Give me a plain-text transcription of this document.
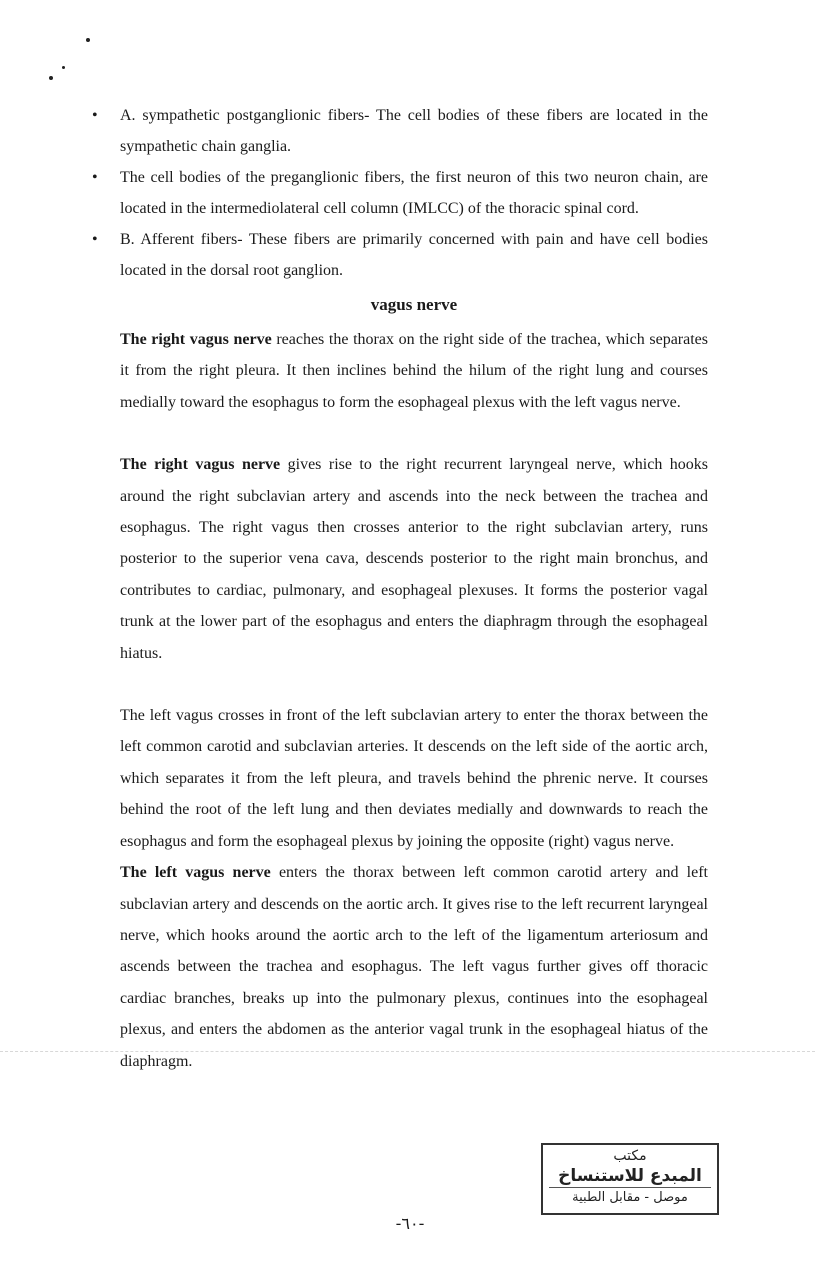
• A. sympathetic postganglionic fibers- The cell bodies of these fibers are located in the sympathetic chain ganglia.
• The cell bodies of the preganglionic fibers, the first neuron of this two neuron chain, are located in the intermediolateral cell column (IMLCC) of the thoracic spinal cord.
• B. Afferent fibers- These fibers are primarily concerned with pain and have cell bodies located in the dorsal root ganglion.
vagus nerve

The right vagus nerve reaches the thorax on the right side of the trachea, which separates it from the right pleura. It then inclines behind the hilum of the right lung and courses medially toward the esophagus to form the esophageal plexus with the left vagus nerve.

The right vagus nerve gives rise to the right recurrent laryngeal nerve, which hooks around the right subclavian artery and ascends into the neck between the trachea and esophagus. The right vagus then crosses anterior to the right subclavian artery, runs posterior to the superior vena cava, descends posterior to the right main bronchus, and contributes to cardiac, pulmonary, and esophageal plexuses. It forms the posterior vagal trunk at the lower part of the esophagus and enters the diaphragm through the esophageal hiatus.

The left vagus crosses in front of the left subclavian artery to enter the thorax between the left common carotid and subclavian arteries. It descends on the left side of the aortic arch, which separates it from the left pleura, and travels behind the phrenic nerve. It courses behind the root of the left lung and then deviates medially and downwards to reach the esophagus and form the esophageal plexus by joining the opposite (right) vagus nerve.

The left vagus nerve enters the thorax between left common carotid artery and left subclavian artery and descends on the aortic arch. It gives rise to the left recurrent laryngeal nerve, which hooks around the aortic arch to the left of the ligamentum arteriosum and ascends between the trachea and esophagus. The left vagus further gives off thoracic cardiac branches, breaks up into the pulmonary plexus, continues into the esophageal plexus, and enters the abdomen as the anterior vagal trunk in the esophageal hiatus of the diaphragm.

مكتب
المبدع للاستنساخ
موصل - مقابل الطبية
-٦٠-
